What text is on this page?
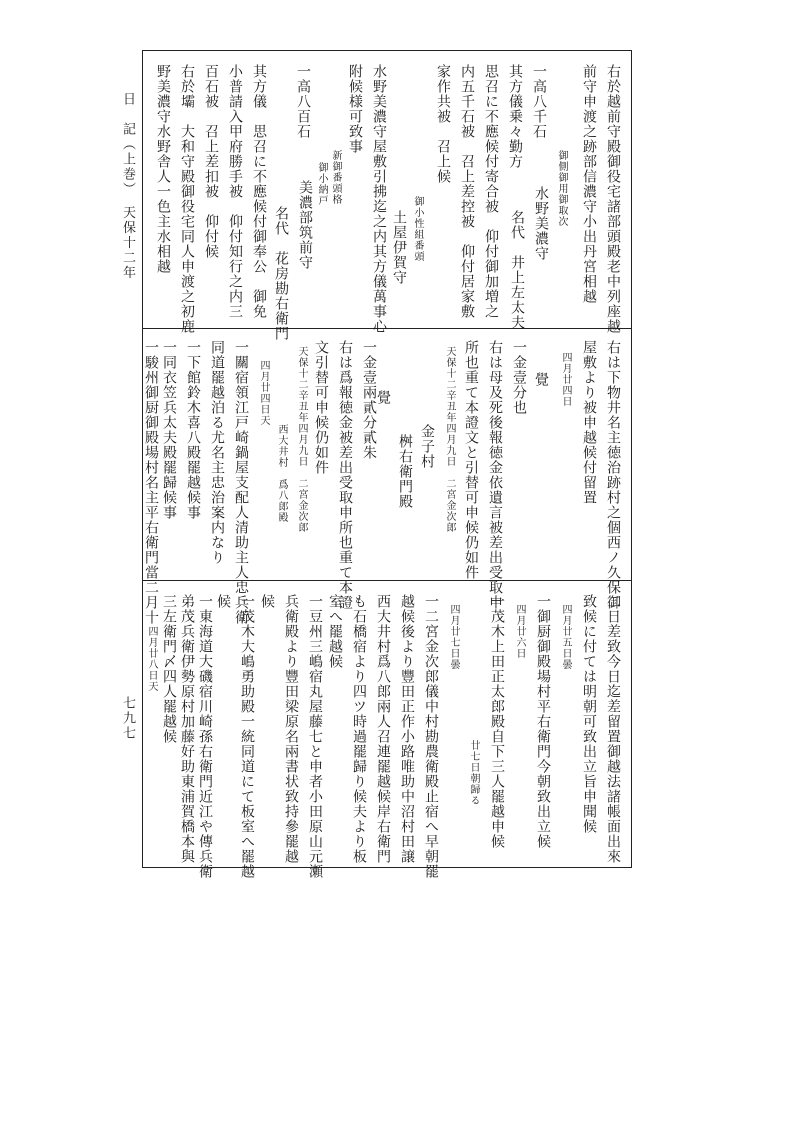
日　記（上巻）　天保十二年
七九七
右於越前守殿御役宅諸部頭殿老中列座越
前守申渡之跡部信濃守小出丹宮相越
御側御用御取次
水野美濃守
名代　井上左太夫
一高八千石
其方儀乗々勤方
思召に不應候付寄合被　仰付御加増之
内五千石被　召上差控被　仰付居家敷
家作共被　召上候
御小性組番頭
土屋伊賀守
水野美濃守屋敷引拂迄之内其方儀萬事心
附候様可致事
新御番頭格
御小納戸
美濃部筑前守
名代　花房勘右衛門
一高八百石
其方儀　思召に不應候付御奉公　御免
小普請入甲府勝手被　仰付知行之内三
百石被　召上差扣被　仰付候
右於壩　大和守殿御役宅同人申渡之初鹿
野美濃守水野舎人一色主水相越
右は下物井名主徳治跡村之個西ノ久保御
屋敷より被申越候付留置
四月廿四日
覺
一金壹分也
右は母及死後報徳金依遺言被差出受取申
所也重て本證文と引替可申候仍如件
天保十二辛丑年四月九日　二宮金次郎
金子村
桝右衛門殿
覺
一金壹兩貳分貳朱
右は爲報徳金被差出受取申所也重て本證
文引替可申候仍如件
天保十二辛丑年四月九日　二宮金次郎
西大井村　爲八郎殿
四月廿四日天
一關宿領江戸崎鍋屋支配人清助主人忠兵衛
同道罷越泊る尤名主忠治案内なり
一下館鈴木喜八殿罷越候事
一同衣笠兵太夫殿罷歸候事
一駿州御厨御殿場村名主平右衛門當二月十
二日差致今日迄差留置御越法諸帳面出來
致候に付ては明朝可致出立旨申聞候
四月廿五日曇
一御厨御殿場村平右衛門今朝致出立候
四月廿六日
一茂木上田正太郎殿自下三人罷越申候
廿七日朝歸る
四月廿七日曇
一二宮金次郎儀中村勘農衛殿止宿へ早朝罷
越候後より豐田正作小路唯助中沼村田譲
西大井村爲八郎兩人召連罷越候岸右衛門
も石橋宿より四ツ時過罷歸り候夫より板
室へ罷越候
一豆州三嶋宿丸屋藤七と申者小田原山元瀬
兵衛殿より豐田梁原名兩書状致持參罷越
候
一茂木大嶋勇助殿一統同道にて板室へ罷越
候
一東海道大磯宿川崎孫右衛門近江や傳兵衛
弟茂兵衛伊勢原村加藤好助東浦賀橋本與
三左衛門〆四人罷越候
四月廿八日天
